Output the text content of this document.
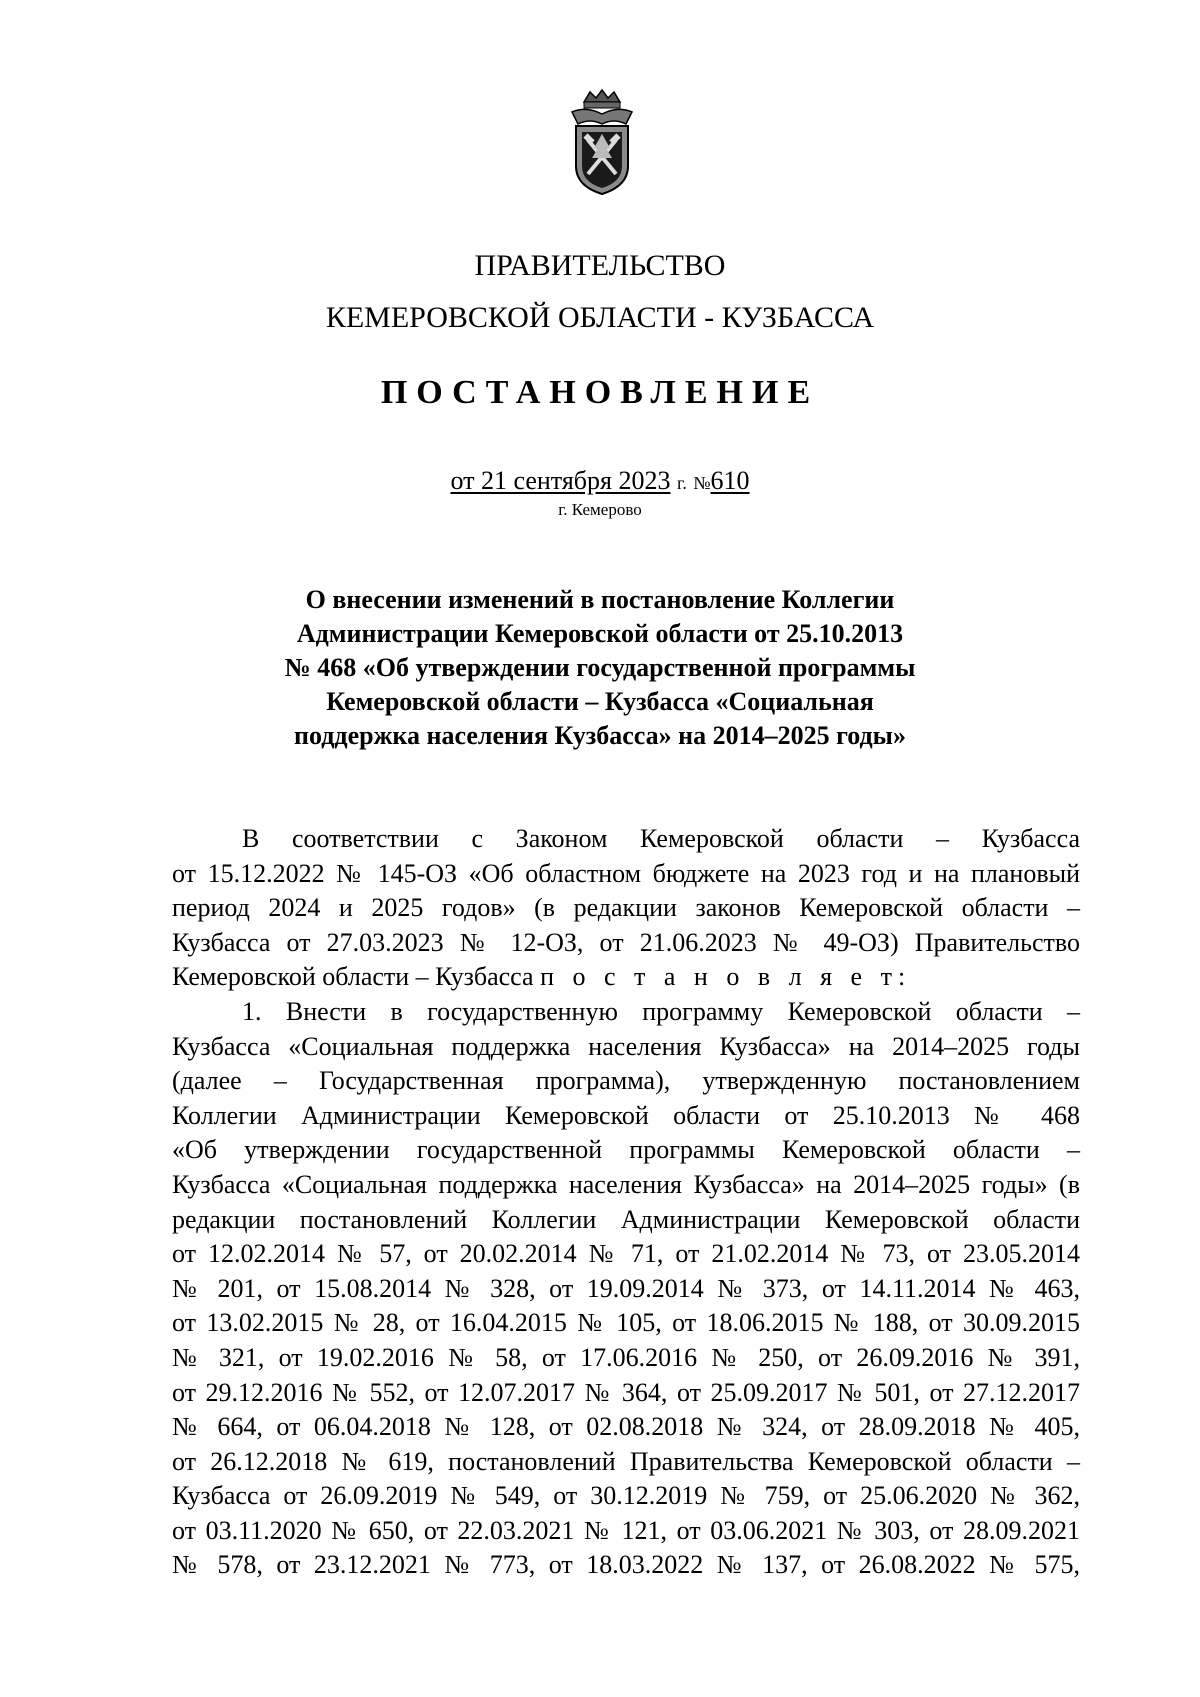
ПРАВИТЕЛЬСТВО
КЕМЕРОВСКОЙ ОБЛАСТИ - КУЗБАССА
ПОСТАНОВЛЕНИЕ
от 21 сентября 2023 г. №610
г. Кемерово
О внесении изменений в постановление Коллегии
Администрации Кемеровской области от 25.10.2013
№ 468 «Об утверждении государственной программы
Кемеровской области – Кузбасса «Социальная
поддержка населения Кузбасса» на 2014–2025 годы»
В соответствии с Законом Кемеровской области – Кузбасса
от 15.12.2022 № 145-ОЗ «Об областном бюджете на 2023 год и на плановый
период 2024 и 2025 годов» (в редакции законов Кемеровской области –
Кузбасса от 27.03.2023 № 12-ОЗ, от 21.06.2023 № 49-ОЗ) Правительство
Кемеровской области – Кузбасса п о с т а н о в л я е т:
1. Внести в государственную программу Кемеровской области –
Кузбасса «Социальная поддержка населения Кузбасса» на 2014–2025 годы
(далее – Государственная программа), утвержденную постановлением
Коллегии Администрации Кемеровской области от 25.10.2013 № 468
«Об утверждении государственной программы Кемеровской области –
Кузбасса «Социальная поддержка населения Кузбасса» на 2014–2025 годы» (в
редакции постановлений Коллегии Администрации Кемеровской области
от 12.02.2014 № 57, от 20.02.2014 № 71, от 21.02.2014 № 73, от 23.05.2014
№ 201, от 15.08.2014 № 328, от 19.09.2014 № 373, от 14.11.2014 № 463,
от 13.02.2015 № 28, от 16.04.2015 № 105, от 18.06.2015 № 188, от 30.09.2015
№ 321, от 19.02.2016 № 58, от 17.06.2016 № 250, от 26.09.2016 № 391,
от 29.12.2016 № 552, от 12.07.2017 № 364, от 25.09.2017 № 501, от 27.12.2017
№ 664, от 06.04.2018 № 128, от 02.08.2018 № 324, от 28.09.2018 № 405,
от 26.12.2018 № 619, постановлений Правительства Кемеровской области –
Кузбасса от 26.09.2019 № 549, от 30.12.2019 № 759, от 25.06.2020 № 362,
от 03.11.2020 № 650, от 22.03.2021 № 121, от 03.06.2021 № 303, от 28.09.2021
№ 578, от 23.12.2021 № 773, от 18.03.2022 № 137, от 26.08.2022 № 575,
